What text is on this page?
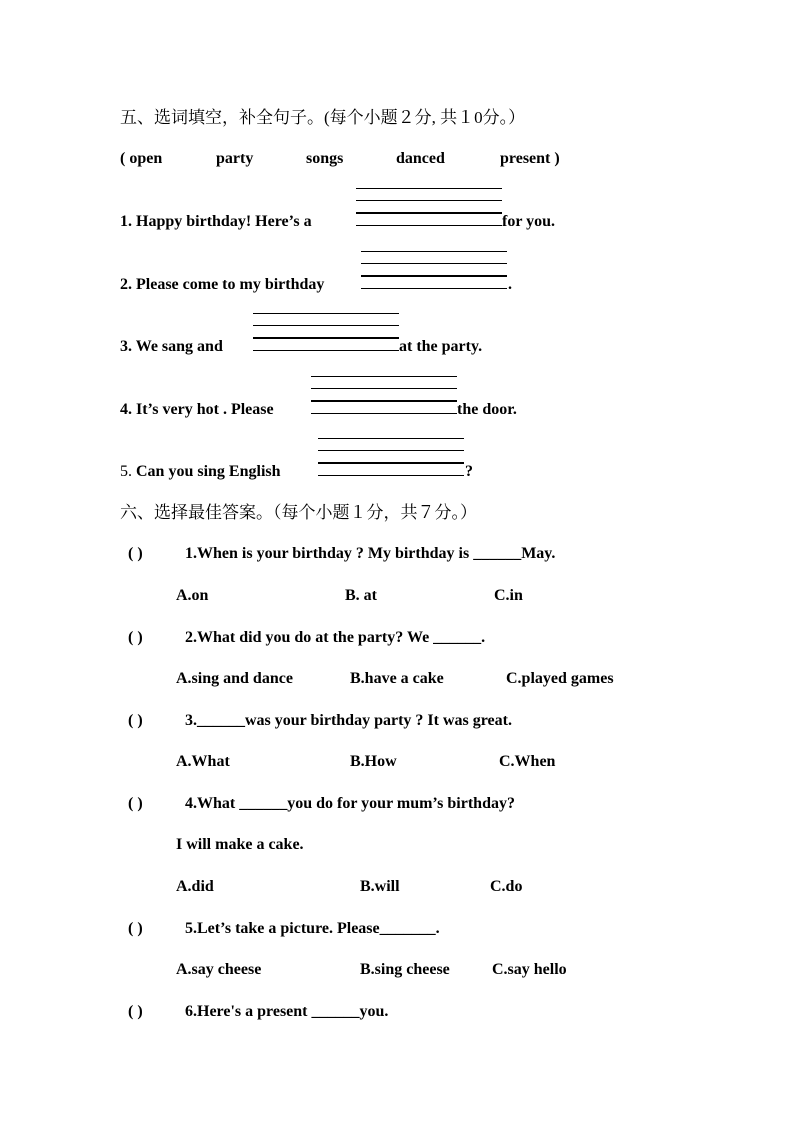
五、选词填空，补全句子。(每个小题２分, 共１0分。）
( open	party	songs	danced	present )
1. Happy birthday! Here’s a	for you.
2. Please come to my birthday	.
3. We sang and	at the party.
4. It’s very hot . Please	the door.
5. Can you sing English	?
六、选择最佳答案。（每个小题１分，共７分。）
( )	1.When is your birthday ? My birthday is ______May.
A.on	B. at	C.in
( )	2.What did you do at the party? We ______.
A.sing and dance	B.have a cake	C.played games
( )	3.______was your birthday party ? It was great.
A.What	B.How	C.When
( )	4.What ______you do for your mum’s birthday?
I will make a cake.
A.did	B.will	C.do
( )	5.Let’s take a picture. Please_______.
A.say cheese	B.sing cheese	C.say hello
( )	6.Here's a present ______you.
